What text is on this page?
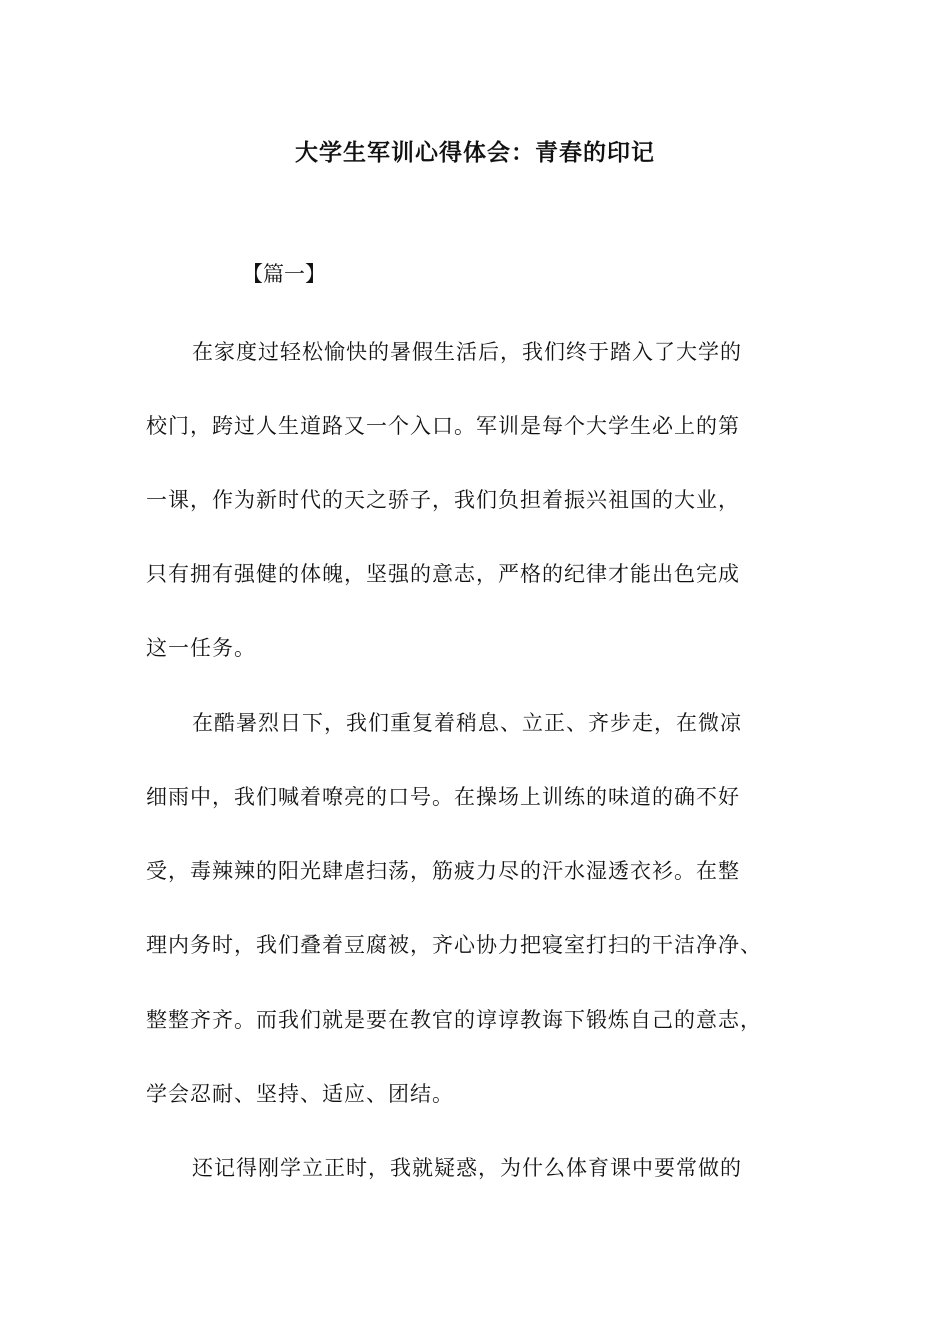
大学生军训心得体会：青春的印记
【篇一】
在家度过轻松愉快的暑假生活后，我们终于踏入了大学的
校门，跨过人生道路又一个入口。军训是每个大学生必上的第
一课，作为新时代的天之骄子，我们负担着振兴祖国的大业，
只有拥有强健的体魄，坚强的意志，严格的纪律才能出色完成
这一任务。
在酷暑烈日下，我们重复着稍息、立正、齐步走，在微凉
细雨中，我们喊着嘹亮的口号。在操场上训练的味道的确不好
受，毒辣辣的阳光肆虐扫荡，筋疲力尽的汗水湿透衣衫。在整
理内务时，我们叠着豆腐被，齐心协力把寝室打扫的干洁净净、
整整齐齐。而我们就是要在教官的谆谆教诲下锻炼自己的意志，
学会忍耐、坚持、适应、团结。
还记得刚学立正时，我就疑惑，为什么体育课中要常做的
